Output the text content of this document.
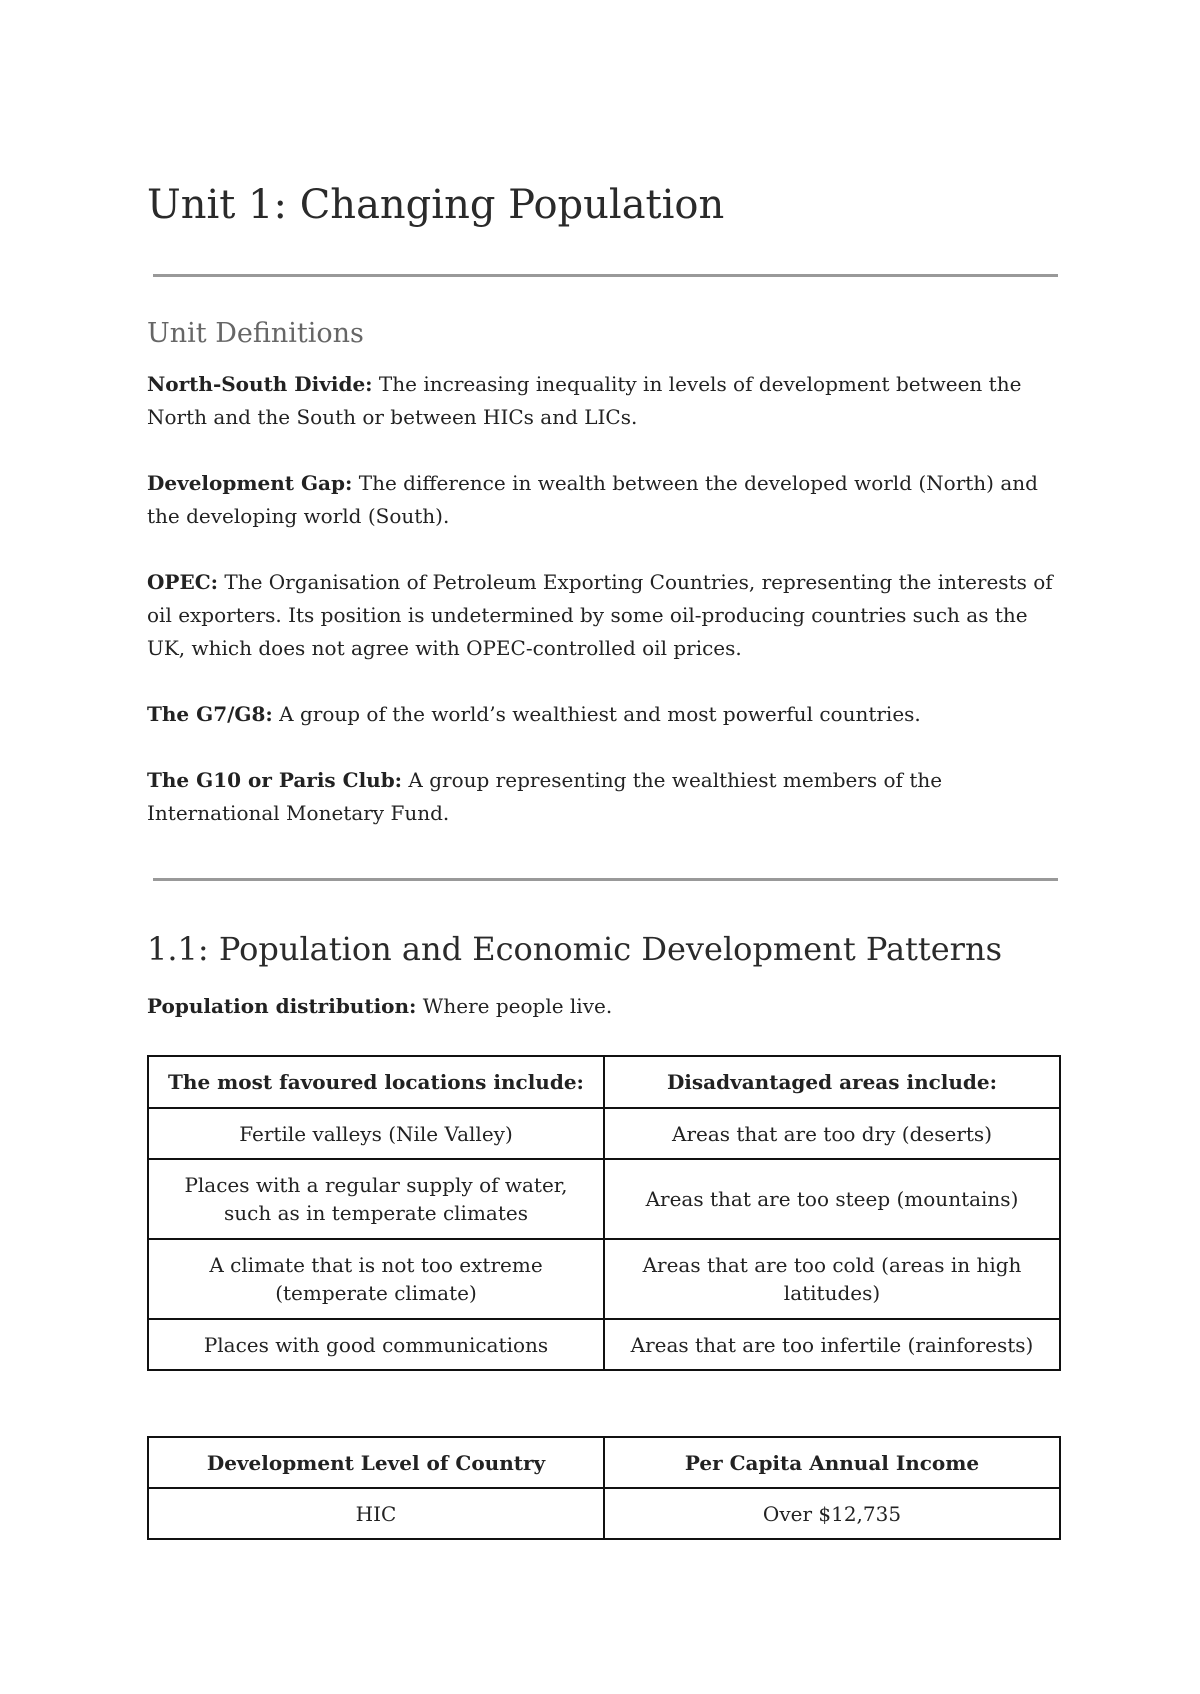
Unit 1: Changing Population
Unit Definitions

North-South Divide: The increasing inequality in levels of development between the North and the South or between HICs and LICs.

Development Gap: The difference in wealth between the developed world (North) and the developing world (South).

OPEC: The Organisation of Petroleum Exporting Countries, representing the interests of oil exporters. Its position is undetermined by some oil-producing countries such as the UK, which does not agree with OPEC-controlled oil prices.

The G7/G8: A group of the world’s wealthiest and most powerful countries.

The G10 or Paris Club: A group representing the wealthiest members of the International Monetary Fund.

1.1: Population and Economic Development Patterns

Population distribution: Where people live.

The most favoured locations include:	Disadvantaged areas include:
Fertile valleys (Nile Valley)	Areas that are too dry (deserts)
Places with a regular supply of water, such as in temperate climates	Areas that are too steep (mountains)
A climate that is not too extreme (temperate climate)	Areas that are too cold (areas in high latitudes)
Places with good communications	Areas that are too infertile (rainforests)
Development Level of Country	Per Capita Annual Income
HIC	Over $12,735
